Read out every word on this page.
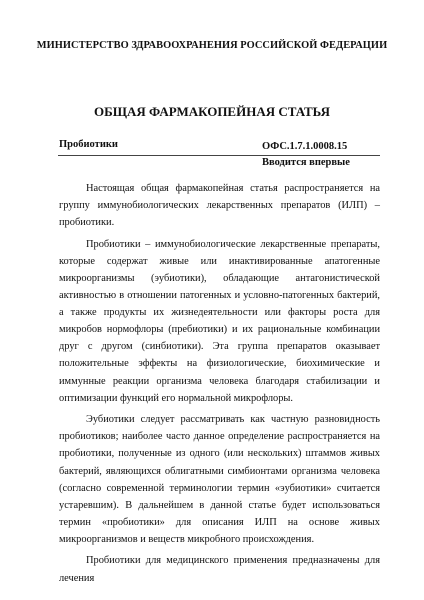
МИНИСТЕРСТВО ЗДРАВООХРАНЕНИЯ РОССИЙСКОЙ ФЕДЕРАЦИИ
ОБЩАЯ ФАРМАКОПЕЙНАЯ СТАТЬЯ
Пробиотики	ОФС.1.7.1.0008.15
Вводится впервые

Настоящая общая фармакопейная статья распространяется на группу иммунобиологических лекарственных препаратов (ИЛП) – пробиотики.

Пробиотики – иммунобиологические лекарственные препараты, которые содержат живые или инактивированные апатогенные микроорганизмы (эубиотики), обладающие антагонистической активностью в отношении патогенных и условно-патогенных бактерий, а также продукты их жизнедеятельности или факторы роста для микробов нормофлоры (пребиотики) и их рациональные комбинации друг с другом (синбиотики). Эта группа препаратов оказывает положительные эффекты на физиологические, биохимические и иммунные реакции организма человека благодаря стабилизации и оптимизации функций его нормальной микрофлоры.

Эубиотики следует рассматривать как частную разновидность пробиотиков; наиболее часто данное определение распространяется на пробиотики, полученные из одного (или нескольких) штаммов живых бактерий, являющихся облигатными симбионтами организма человека (согласно современной терминологии термин «эубиотики» считается устаревшим). В дальнейшем в данной статье будет использоваться термин «пробиотики» для описания ИЛП на основе живых микроорганизмов и веществ микробного происхождения.

Пробиотики для медицинского применения предназначены для лечения
